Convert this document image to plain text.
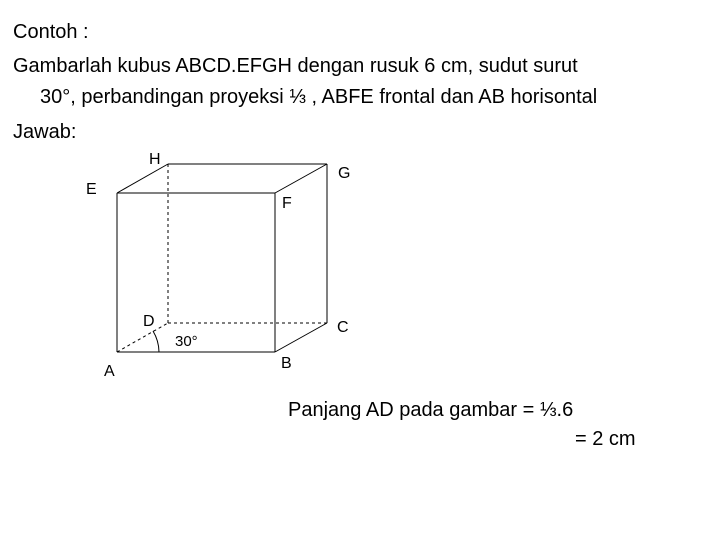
Contoh :
Gambarlah kubus ABCD.EFGH dengan rusuk 6 cm, sudut surut
30°, perbandingan proyeksi ⅓ , ABFE frontal dan AB horisontal
Jawab:
H
G
E
F
D	C
A	B
30°
Panjang AD pada gambar = ⅓.6
= 2 cm
